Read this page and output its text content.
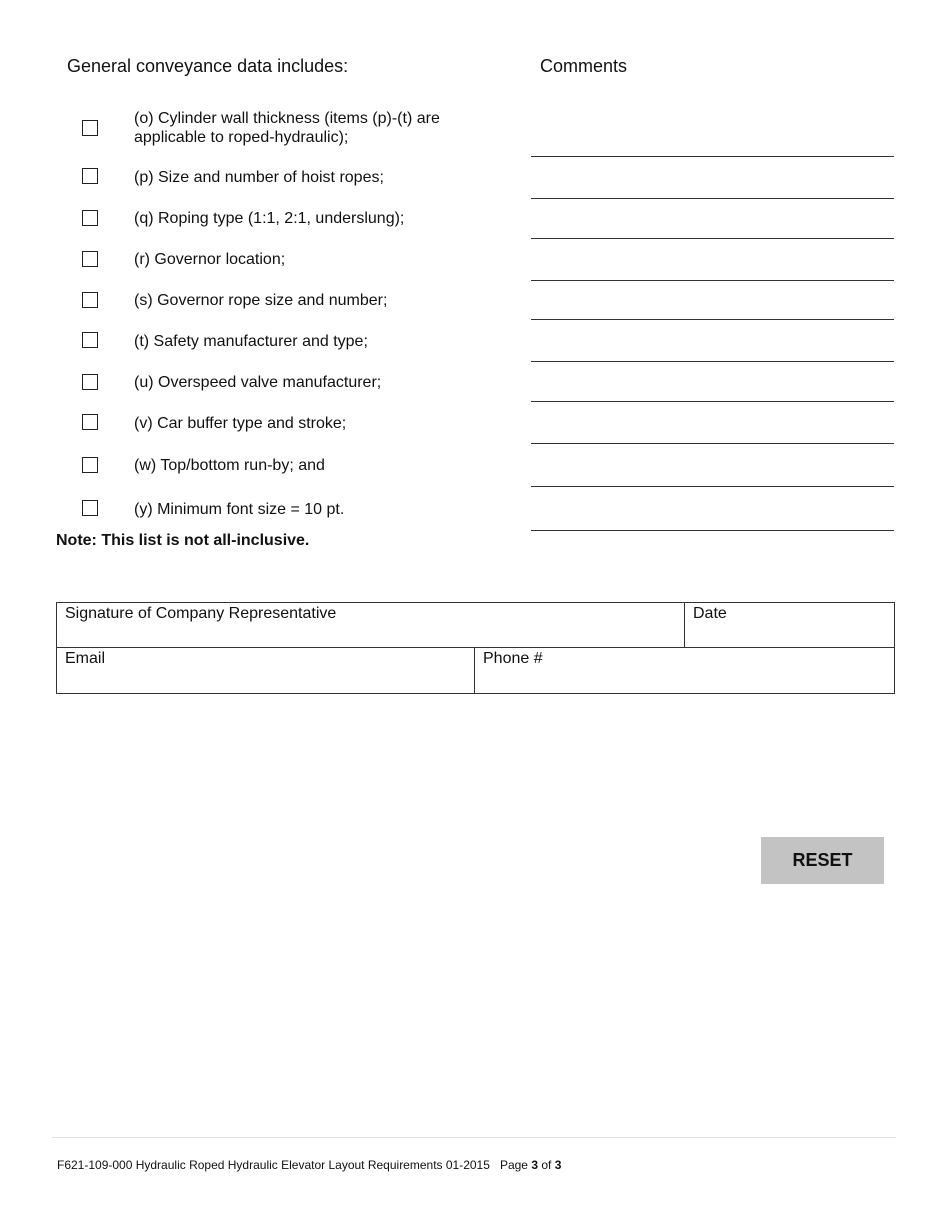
General conveyance data includes:	Comments
(o) Cylinder wall thickness (items (p)-(t) are applicable to roped-hydraulic);
(p) Size and number of hoist ropes;
(q) Roping type (1:1, 2:1, underslung);
(r) Governor location;
(s) Governor rope size and number;
(t) Safety manufacturer and type;
(u) Overspeed valve manufacturer;
(v) Car buffer type and stroke;
(w) Top/bottom run-by; and
(y) Minimum font size = 10 pt.
Note: This list is not all-inclusive.
Signature of Company Representative	Date
Email	Phone #
RESET
F621-109-000 Hydraulic Roped Hydraulic Elevator Layout Requirements 01-2015 Page 3 of 3
